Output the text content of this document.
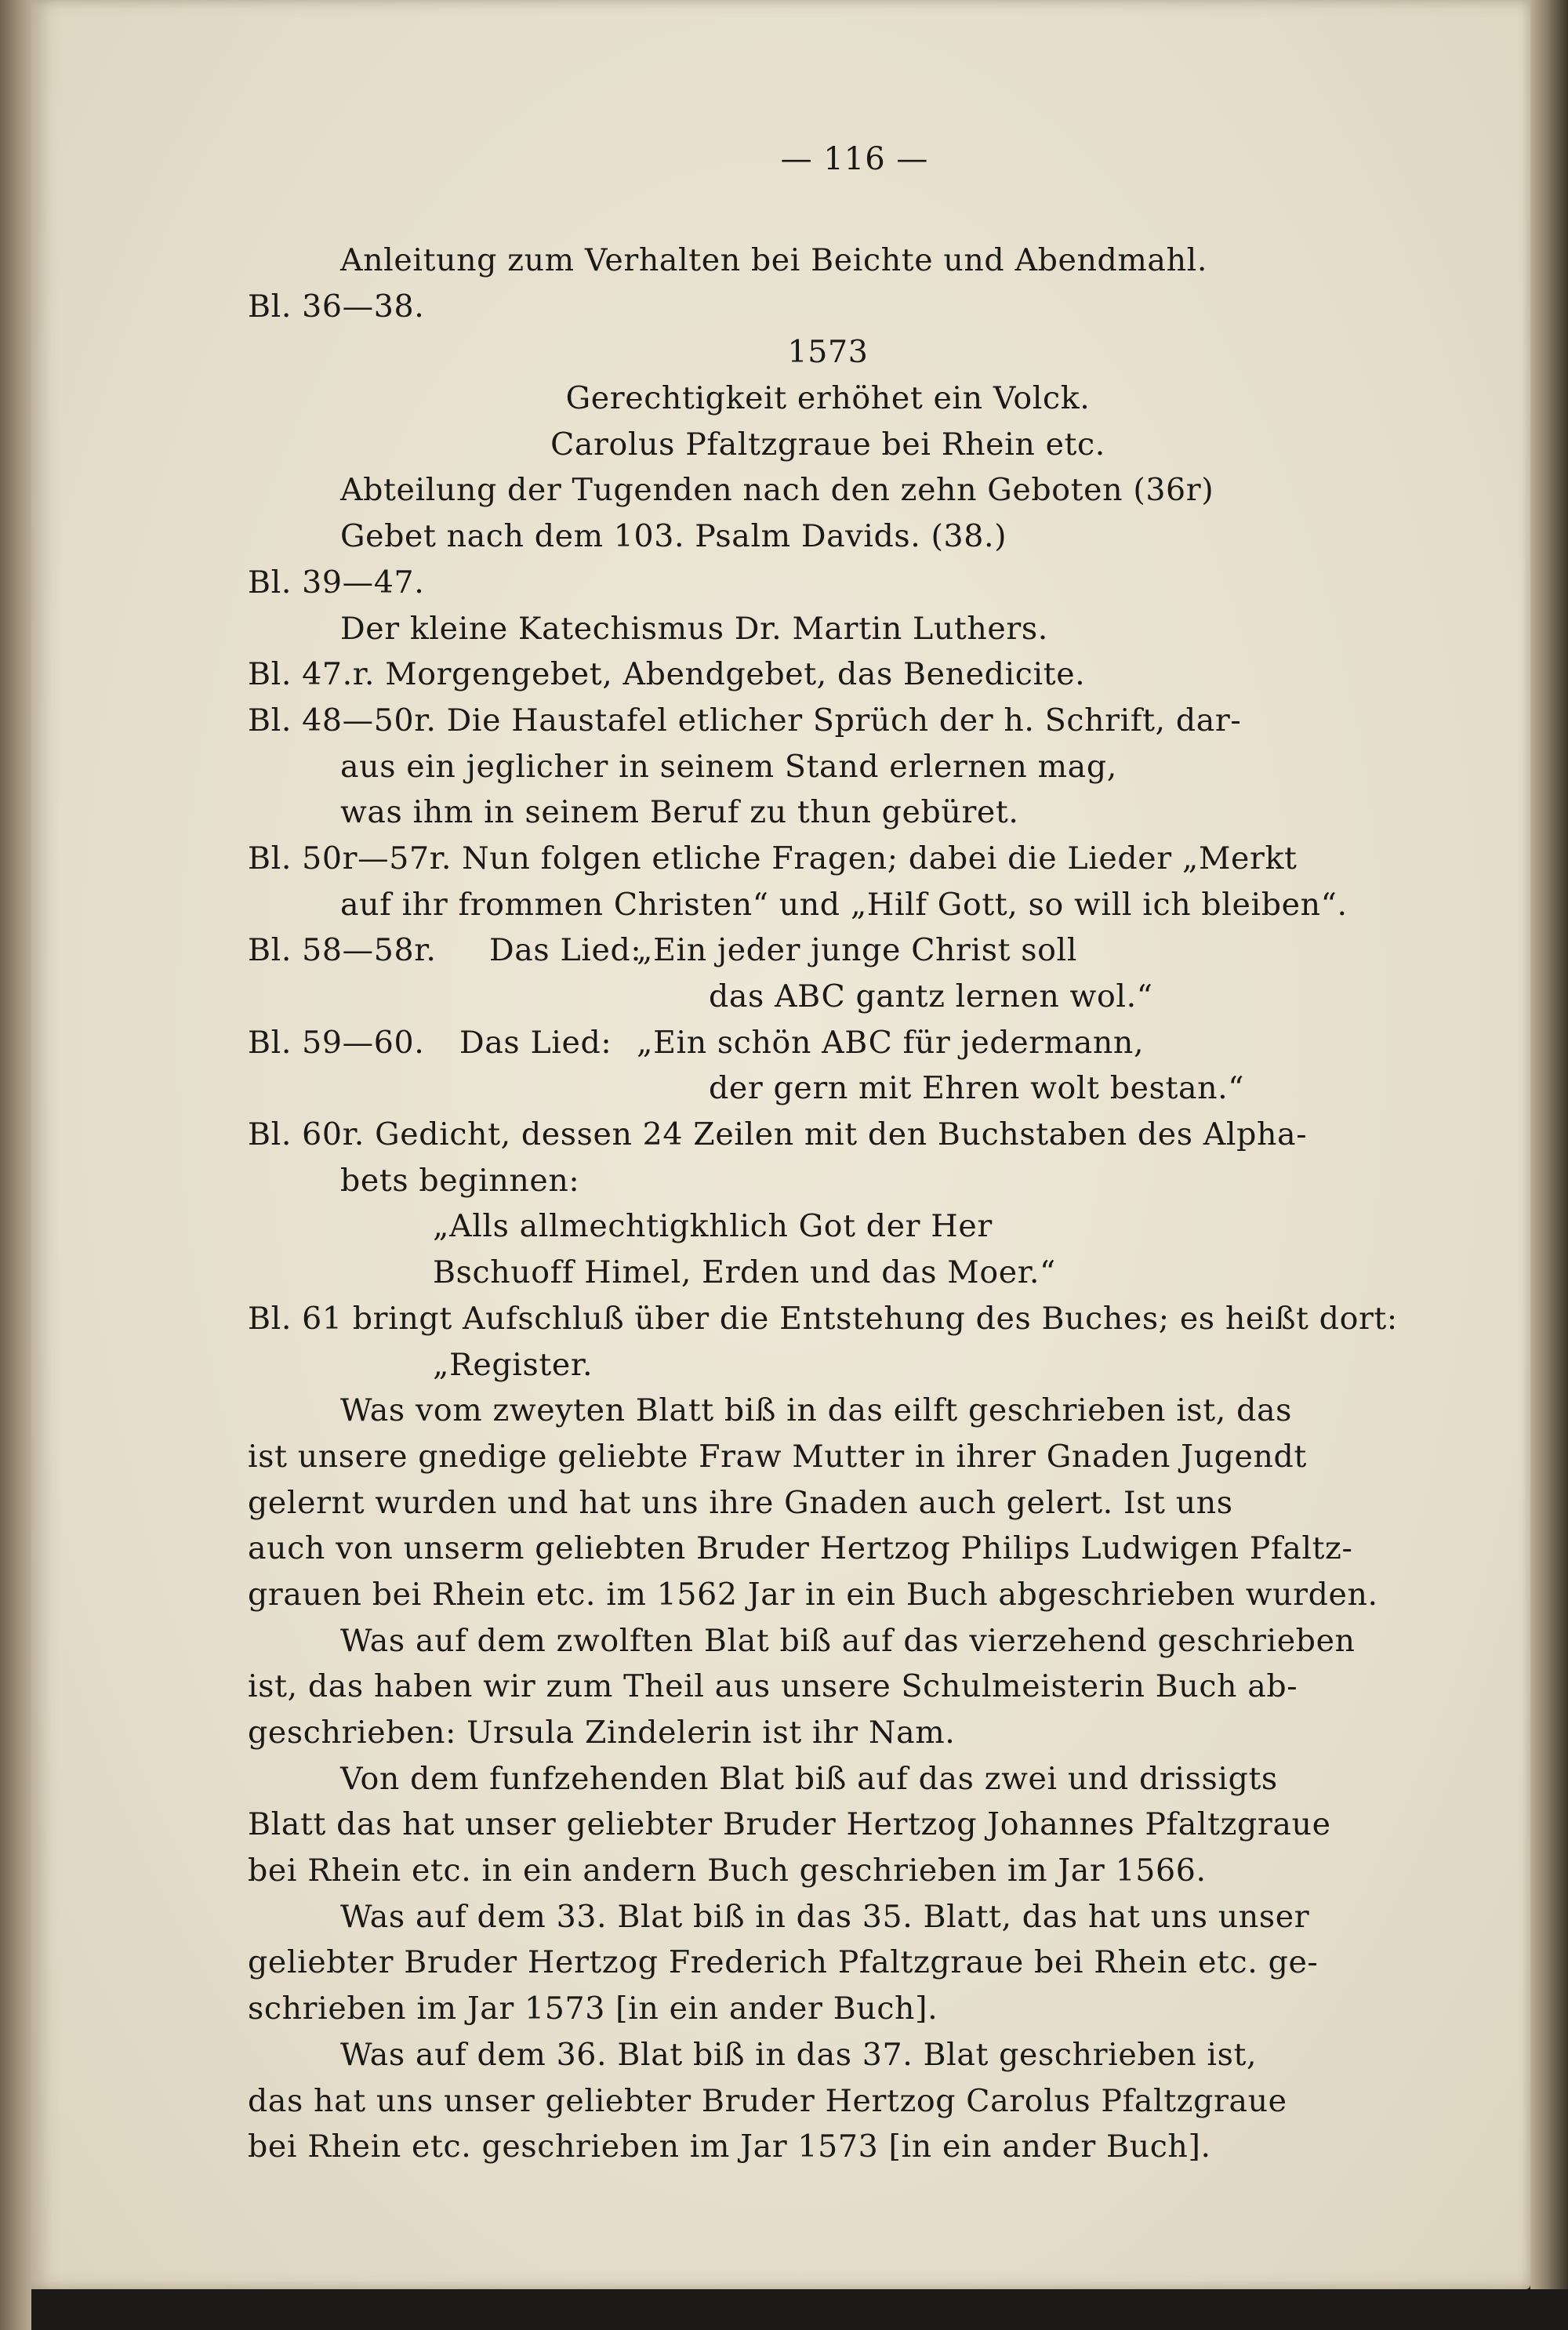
— 116 —
Anleitung zum Verhalten bei Beichte und Abendmahl.
Bl. 36—38.
1573
Gerechtigkeit erhöhet ein Volck.
Carolus Pfaltzgraue bei Rhein etc.
Abteilung der Tugenden nach den zehn Geboten (36r)
Gebet nach dem 103. Psalm Davids. (38.)
Bl. 39—47.
Der kleine Katechismus Dr. Martin Luthers.
Bl. 47.r. Morgengebet, Abendgebet, das Benedicite.
Bl. 48—50r. Die Haustafel etlicher Sprüch der h. Schrift, dar-
aus ein jeglicher in seinem Stand erlernen mag,
was ihm in seinem Beruf zu thun gebüret.
Bl. 50r—57r. Nun folgen etliche Fragen; dabei die Lieder „Merkt
auf ihr frommen Christen“ und „Hilf Gott, so will ich bleiben“.
Bl. 58—58r. Das Lied:„Ein jeder junge Christ soll
das ABC gantz lernen wol.“
Bl. 59—60. Das Lied: „Ein schön ABC für jedermann,
der gern mit Ehren wolt bestan.“
Bl. 60r. Gedicht, dessen 24 Zeilen mit den Buchstaben des Alpha-
bets beginnen:
„Alls allmechtigkhlich Got der Her
Bschuoff Himel, Erden und das Moer.“
Bl. 61 bringt Aufschluß über die Entstehung des Buches; es heißt dort:
„Register.
Was vom zweyten Blatt biß in das eilft geschrieben ist, das
ist unsere gnedige geliebte Fraw Mutter in ihrer Gnaden Jugendt
gelernt wurden und hat uns ihre Gnaden auch gelert. Ist uns
auch von unserm geliebten Bruder Hertzog Philips Ludwigen Pfaltz-
grauen bei Rhein etc. im 1562 Jar in ein Buch abgeschrieben wurden.
Was auf dem zwolften Blat biß auf das vierzehend geschrieben
ist, das haben wir zum Theil aus unsere Schulmeisterin Buch ab-
geschrieben: Ursula Zindelerin ist ihr Nam.
Von dem funfzehenden Blat biß auf das zwei und drissigts
Blatt das hat unser geliebter Bruder Hertzog Johannes Pfaltzgraue
bei Rhein etc. in ein andern Buch geschrieben im Jar 1566.
Was auf dem 33. Blat biß in das 35. Blatt, das hat uns unser
geliebter Bruder Hertzog Frederich Pfaltzgraue bei Rhein etc. ge-
schrieben im Jar 1573 [in ein ander Buch].
Was auf dem 36. Blat biß in das 37. Blat geschrieben ist,
das hat uns unser geliebter Bruder Hertzog Carolus Pfaltzgraue
bei Rhein etc. geschrieben im Jar 1573 [in ein ander Buch].
